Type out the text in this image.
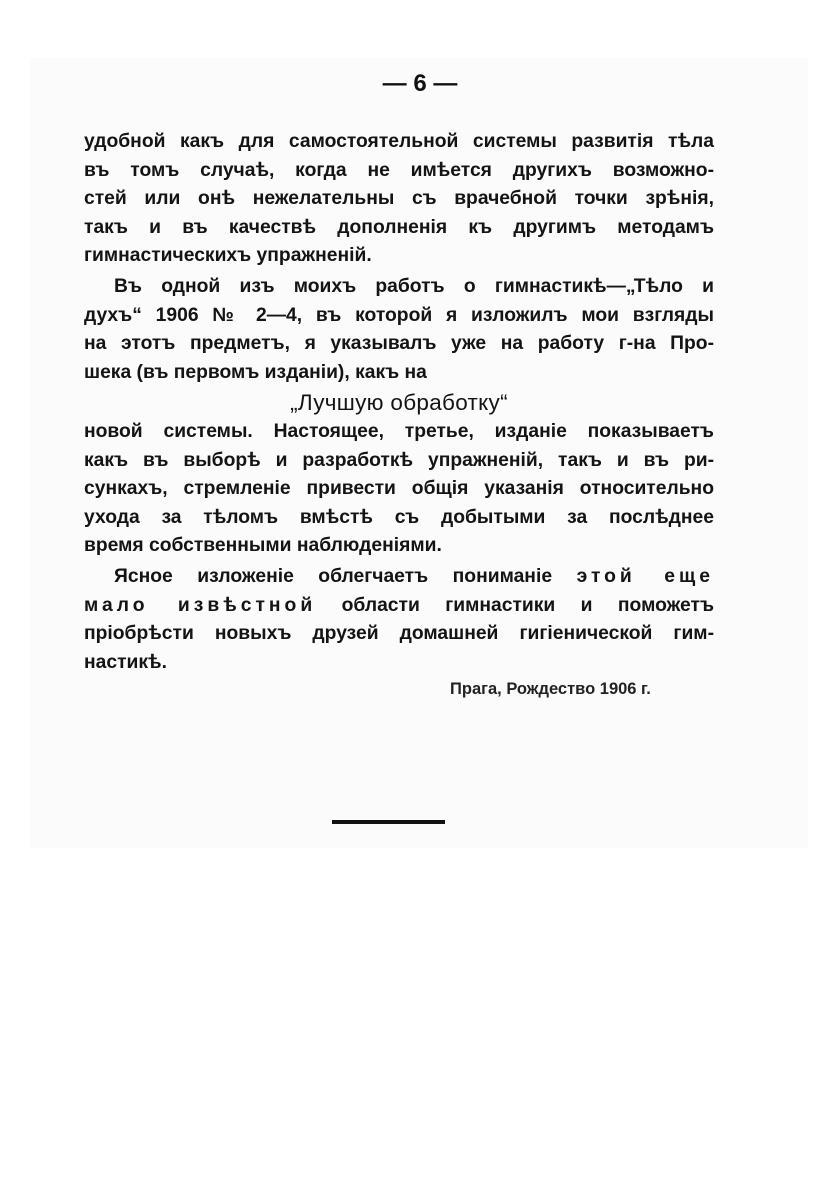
— 6 —

удобной какъ для самостоятельной системы развитія тѣла
въ томъ случаѣ, когда не имѣется другихъ возможно-
стей или онѣ нежелательны съ врачебной точки зрѣнія,
такъ и въ качествѣ дополненія къ другимъ методамъ
гимнастическихъ упражненій.

Въ одной изъ моихъ работъ о гимнастикѣ—„Тѣло и
духъ“ 1906 № 2—4, въ которой я изложилъ мои взгляды
на этотъ предметъ, я указывалъ уже на работу г-на Про-
шека (въ первомъ изданіи), какъ на

„Лучшую обработку“

новой системы. Настоящее, третье, изданіе показываетъ
какъ въ выборѣ и разработкѣ упражненій, такъ и въ ри-
сункахъ, стремленіе привести общія указанія относительно
ухода за тѣломъ вмѣстѣ съ добытыми за послѣднее
время собственными наблюденіями.

Ясное изложеніе облегчаетъ пониманіе этой еще
мало извѣстной области гимнастики и поможетъ
пріобрѣсти новыхъ друзей домашней гигіенической гим-
настикѣ.

Прага, Рождество 1906 г.
